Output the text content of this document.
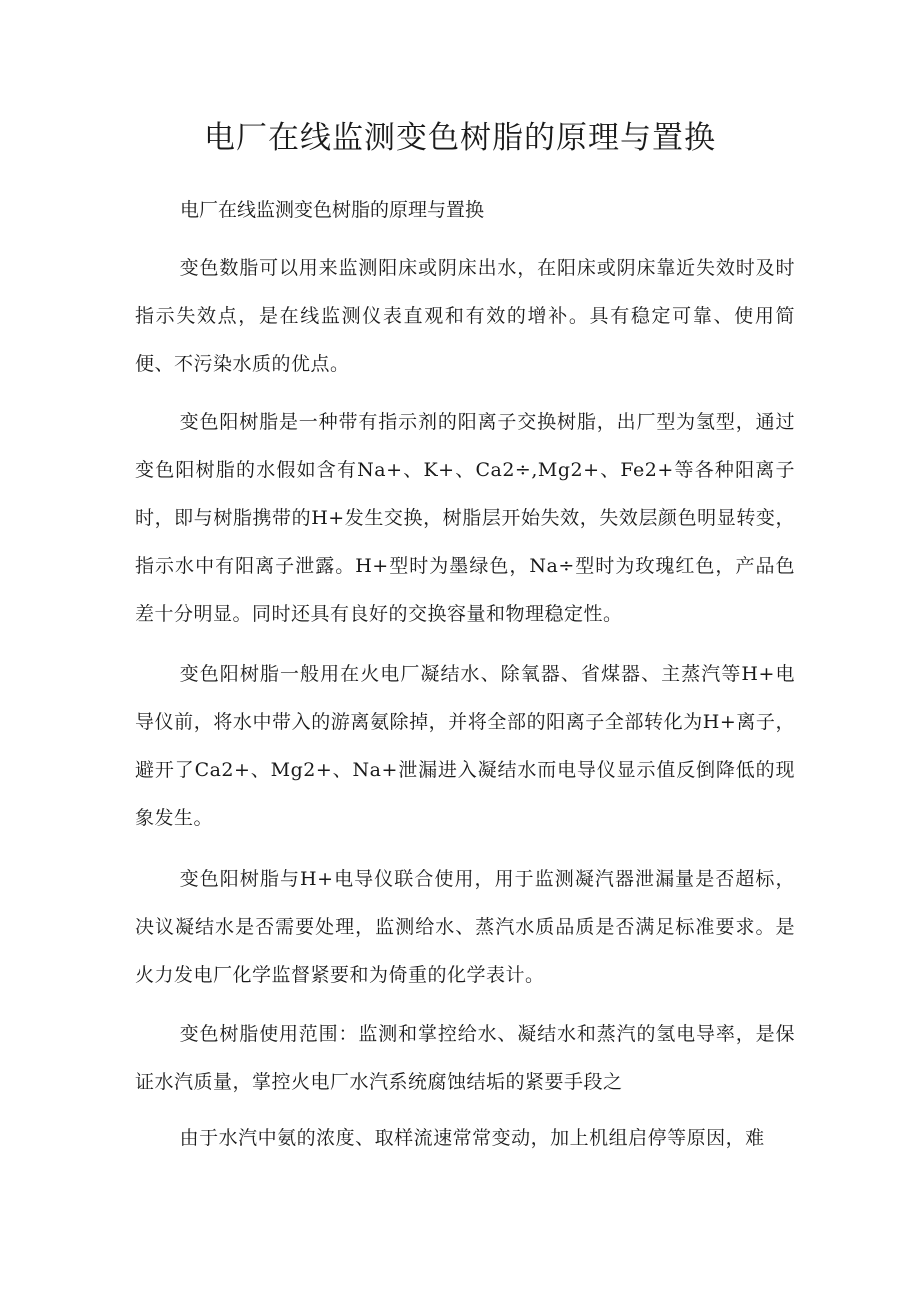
电厂在线监测变色树脂的原理与置换

电厂在线监测变色树脂的原理与置换

变色数脂可以用来监测阳床或阴床出水，在阳床或阴床靠近失效时及时指示失效点，是在线监测仪表直观和有效的增补。具有稳定可靠、使用简便、不污染水质的优点。

变色阳树脂是一种带有指示剂的阳离子交换树脂，出厂型为氢型，通过变色阳树脂的水假如含有Na+、K+、Ca2÷,Mg2+、Fe2+等各种阳离子时，即与树脂携带的H+发生交换，树脂层开始失效，失效层颜色明显转变，指示水中有阳离子泄露。H+型时为墨绿色，Na÷型时为玫瑰红色，产品色差十分明显。同时还具有良好的交换容量和物理稳定性。

变色阳树脂一般用在火电厂凝结水、除氧器、省煤器、主蒸汽等H+电导仪前，将水中带入的游离氨除掉，并将全部的阳离子全部转化为H+离子，避开了Ca2+、Mg2+、Na+泄漏进入凝结水而电导仪显示值反倒降低的现象发生。

变色阳树脂与H+电导仪联合使用，用于监测凝汽器泄漏量是否超标，决议凝结水是否需要处理，监测给水、蒸汽水质品质是否满足标准要求。是火力发电厂化学监督紧要和为倚重的化学表计。

变色树脂使用范围：监测和掌控给水、凝结水和蒸汽的氢电导率，是保证水汽质量，掌控火电厂水汽系统腐蚀结垢的紧要手段之

由于水汽中氨的浓度、取样流速常常变动，加上机组启停等原因，难
